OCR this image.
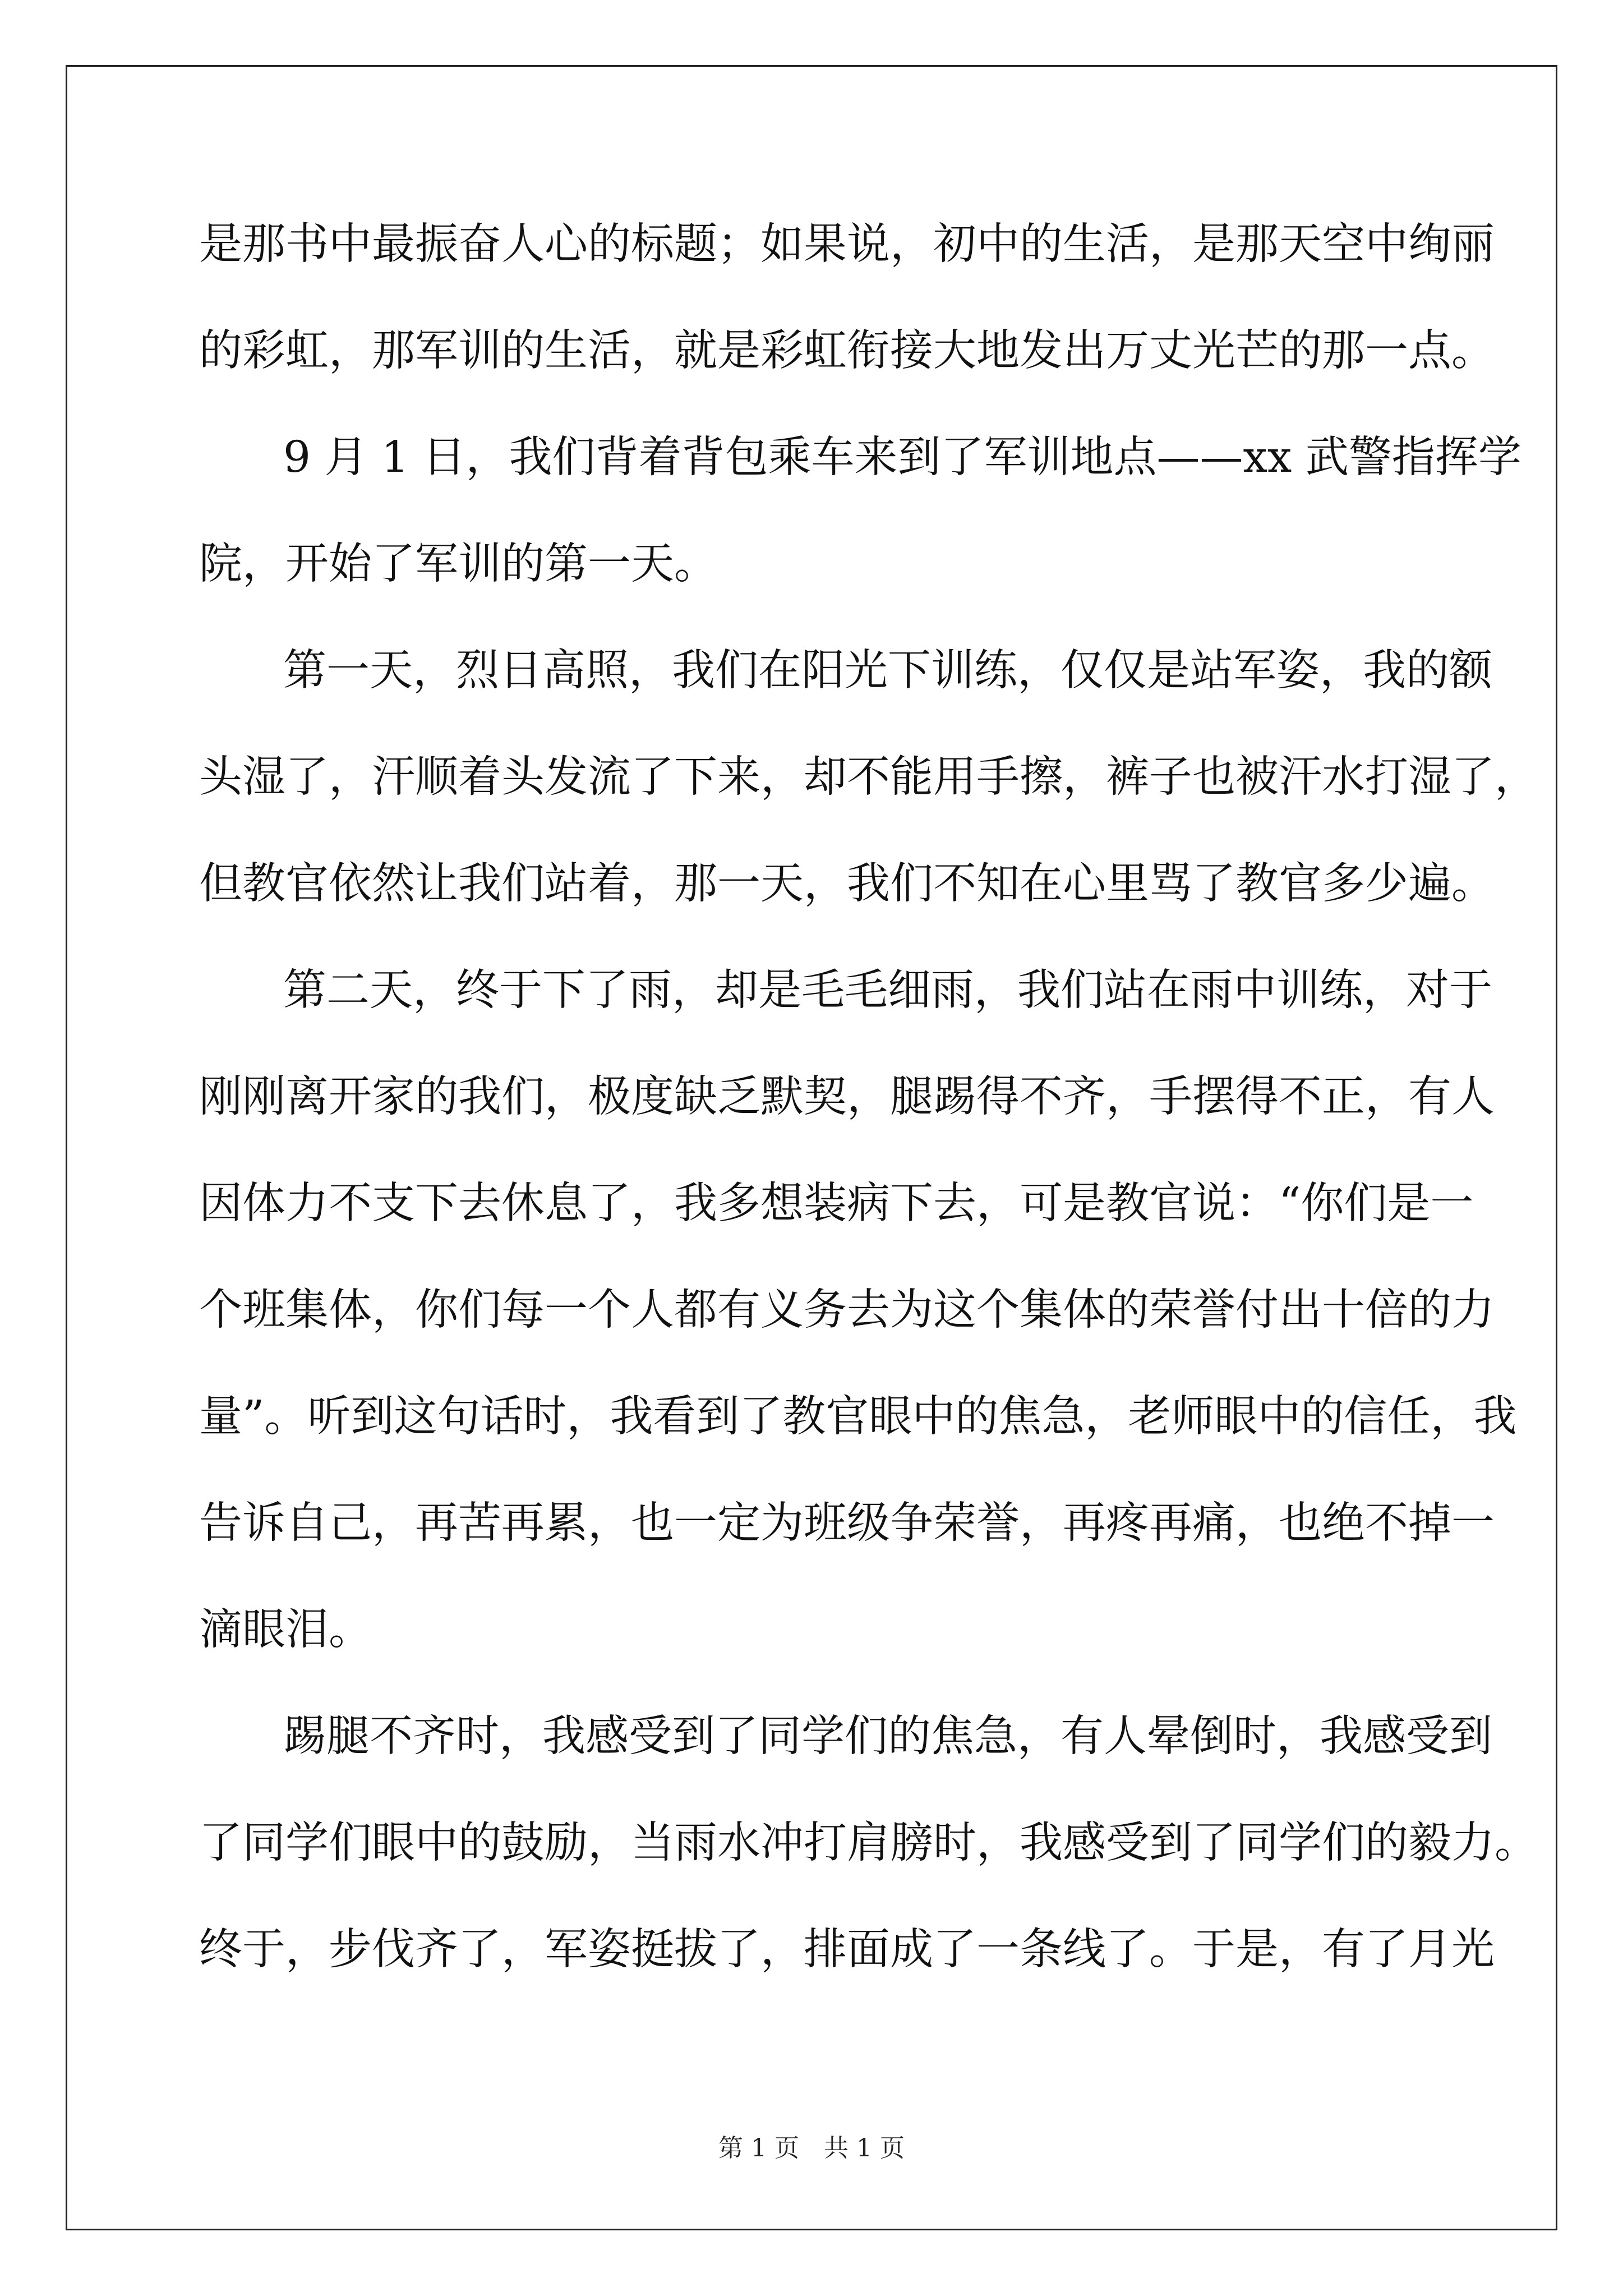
是 那 书 中 最 振 奋 人 心 的 标 题 ； 如 果 说 ， 初 中 的 生 活 ， 是 那 天 空 中 绚 丽
的 彩 虹 ， 那 军 训 的 生 活 ， 就 是 彩 虹 衔 接 大 地 发 出 万 丈 光 芒 的 那 一 点 。
9
月
1
日 ， 我 们 背 着 背 包 乘 车 来 到 了 军 训 地 点 — — x x
武 警 指 挥 学
院，开始了军训的第一天。
第 一 天 ， 烈 日 高 照 ， 我 们 在 阳 光 下 训 练 ， 仅 仅 是 站 军 姿 ， 我 的 额
头 湿 了 ， 汗 顺 着 头 发 流 了 下 来 ， 却 不 能 用 手 擦 ， 裤 子 也 被 汗 水 打 湿 了 ，
但 教 官 依 然 让 我 们 站 着 ， 那 一 天 ， 我 们 不 知 在 心 里 骂 了 教 官 多 少 遍 。
第 二 天 ， 终 于 下 了 雨 ， 却 是 毛 毛 细 雨 ， 我 们 站 在 雨 中 训 练 ， 对 于
刚 刚 离 开 家 的 我 们 ， 极 度 缺 乏 默 契 ， 腿 踢 得 不 齐 ， 手 摆 得 不 正 ， 有 人
因 体 力 不 支 下 去 休 息 了 ， 我 多 想 装 病 下 去 ， 可 是 教 官 说 ： “ 你 们 是 一
个 班 集 体 ， 你 们 每 一 个 人 都 有 义 务 去 为 这 个 集 体 的 荣 誉 付 出 十 倍 的 力
量 ” 。 听 到 这 句 话 时 ， 我 看 到 了 教 官 眼 中 的 焦 急 ， 老 师 眼 中 的 信 任 ， 我
告 诉 自 己 ， 再 苦 再 累 ， 也 一 定 为 班 级 争 荣 誉 ， 再 疼 再 痛 ， 也 绝 不 掉 一
滴眼泪。
踢 腿 不 齐 时 ， 我 感 受 到 了 同 学 们 的 焦 急 ， 有 人 晕 倒 时 ， 我 感 受 到
了 同 学 们 眼 中 的 鼓 励 ， 当 雨 水 冲 打 肩 膀 时 ， 我 感 受 到 了 同 学 们 的 毅 力 。
终 于 ， 步 伐 齐 了 ， 军 姿 挺 拔 了 ， 排 面 成 了 一 条 线 了 。 于 是 ， 有 了 月 光
第 1 页　共 1 页
